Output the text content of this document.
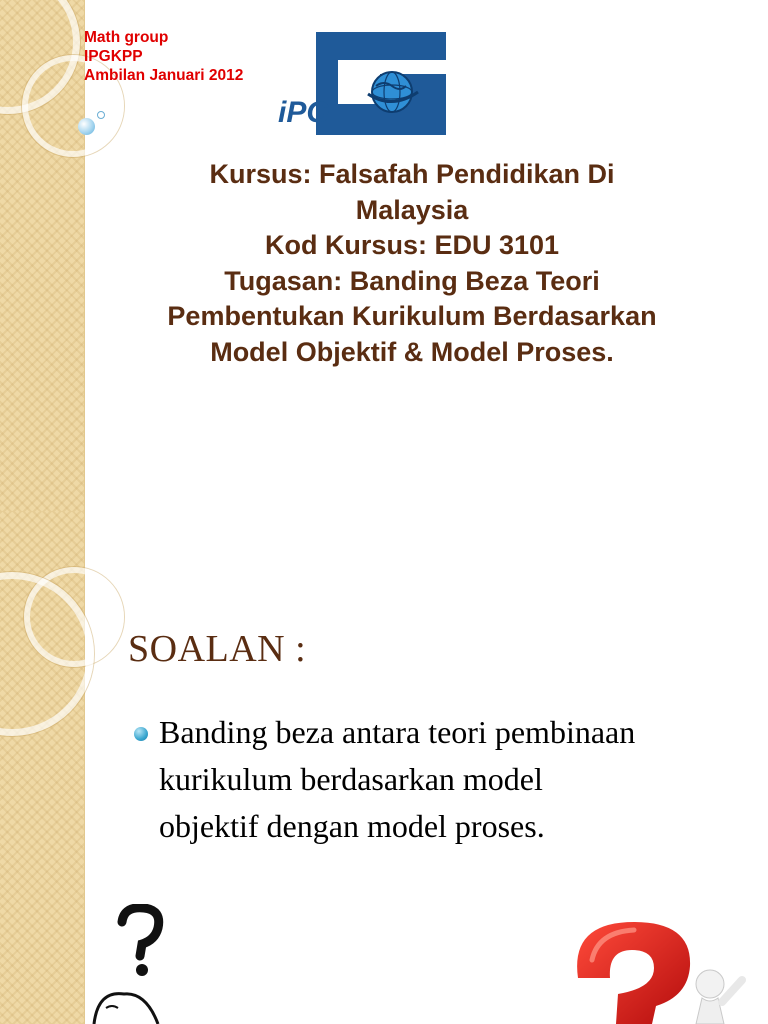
Math group
IPGKPP
Ambilan Januari 2012
iPG
Kursus: Falsafah Pendidikan Di
Malaysia
Kod Kursus: EDU 3101
Tugasan: Banding Beza Teori
Pembentukan Kurikulum Berdasarkan
Model Objektif & Model Proses.
SOALAN :
Banding beza antara teori pembinaan
kurikulum berdasarkan model
objektif dengan model proses.
